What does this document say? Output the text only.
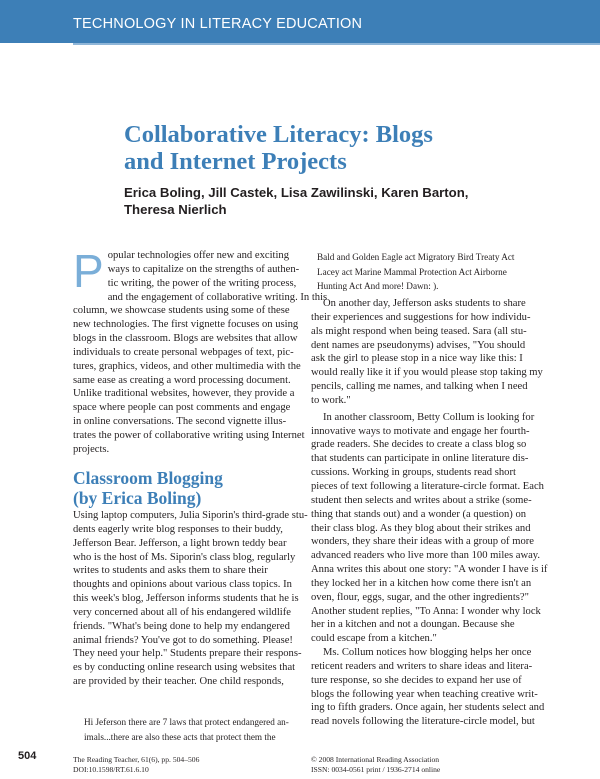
TECHNOLOGY IN LITERACY EDUCATION
Collaborative Literacy: Blogs
and Internet Projects
Erica Boling, Jill Castek, Lisa Zawilinski, Karen Barton,
Theresa Nierlich
P opular technologies offer new and exciting
ways to capitalize on the strengths of authen-
tic writing, the power of the writing process,
and the engagement of collaborative writing. In this
column, we showcase students using some of these
new technologies. The first vignette focuses on using
blogs in the classroom. Blogs are websites that allow
individuals to create personal webpages of text, pic-
tures, graphics, videos, and other multimedia with the
same ease as creating a word processing document.
Unlike traditional websites, however, they provide a
space where people can post comments and engage
in online conversations. The second vignette illus-
trates the power of collaborative writing using Internet
projects.
Classroom Blogging
(by Erica Boling)
Using laptop computers, Julia Siporin's third-grade stu-
dents eagerly write blog responses to their buddy,
Jefferson Bear. Jefferson, a light brown teddy bear
who is the host of Ms. Siporin's class blog, regularly
writes to students and asks them to share their
thoughts and opinions about various class topics. In
this week's blog, Jefferson informs students that he is
very concerned about all of his endangered wildlife
friends. "What's being done to help my endangered
animal friends? You've got to do something. Please!
They need your help." Students prepare their respons-
es by conducting online research using websites that
are provided by their teacher. One child responds,
Hi Jeferson there are 7 laws that protect endangered an-
imals...there are also these acts that protect them the
Bald and Golden Eagle act Migratory Bird Treaty Act
Lacey act Marine Mammal Protection Act Airborne
Hunting Act And more! Dawn: ).
On another day, Jefferson asks students to share
their experiences and suggestions for how individu-
als might respond when being teased. Sara (all stu-
dent names are pseudonyms) advises, "You should
ask the girl to please stop in a nice way like this: I
would really like it if you would please stop taking my
pencils, calling me names, and talking when I need
to work."
In another classroom, Betty Collum is looking for
innovative ways to motivate and engage her fourth-
grade readers. She decides to create a class blog so
that students can participate in online literature dis-
cussions. Working in groups, students read short
pieces of text following a literature-circle format. Each
student then selects and writes about a strike (some-
thing that stands out) and a wonder (a question) on
their class blog. As they blog about their strikes and
wonders, they share their ideas with a group of more
advanced readers who live more than 100 miles away.
Anna writes this about one story: "A wonder I have is if
they locked her in a kitchen how come there isn't an
oven, flour, eggs, sugar, and the other ingredients?"
Another student replies, "To Anna: I wonder why lock
her in a kitchen and not a doungan. Because she
could escape from a kitchen."
Ms. Collum notices how blogging helps her once
reticent readers and writers to share ideas and litera-
ture response, so she decides to expand her use of
blogs the following year when teaching creative writ-
ing to fifth graders. Once again, her students select and
read novels following the literature-circle model, but
504	The Reading Teacher, 61(6), pp. 504–506
DOI:10.1598/RT.61.6.10
© 2008 International Reading Association
ISSN: 0034-0561 print / 1936-2714 online
